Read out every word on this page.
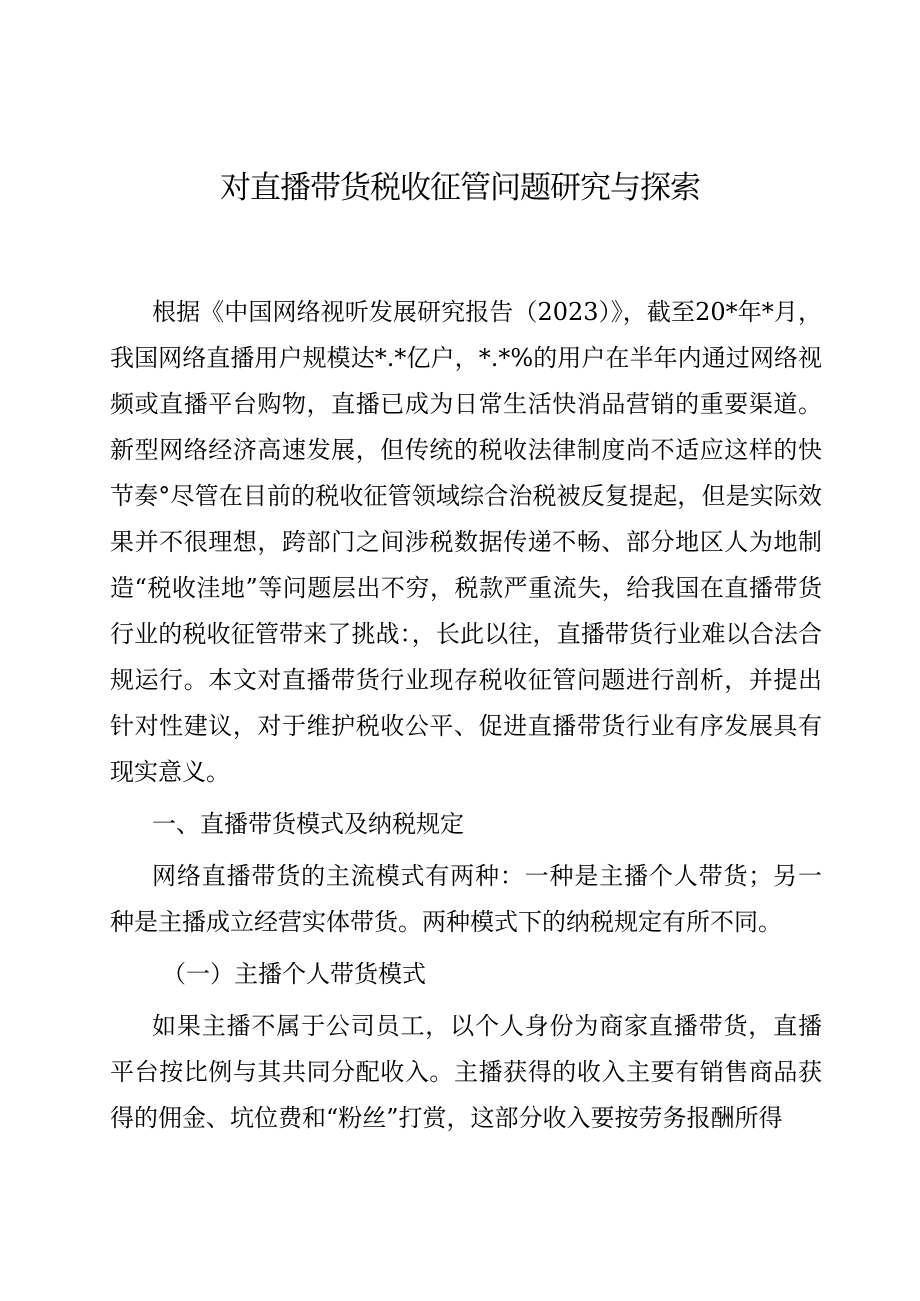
对直播带货税收征管问题研究与探索

根据《中国网络视听发展研究报告（2023）》，截至20*年*月，我国网络直播用户规模达*.*亿户，*.*%的用户在半年内通过网络视频或直播平台购物，直播已成为日常生活快消品营销的重要渠道。新型网络经济高速发展，但传统的税收法律制度尚不适应这样的快节奏°尽管在目前的税收征管领域综合治税被反复提起，但是实际效果并不很理想，跨部门之间涉税数据传递不畅、部分地区人为地制造“税收洼地”等问题层出不穷，税款严重流失，给我国在直播带货行业的税收征管带来了挑战：，长此以往，直播带货行业难以合法合规运行。本文对直播带货行业现存税收征管问题进行剖析，并提出针对性建议，对于维护税收公平、促进直播带货行业有序发展具有现实意义。

一、直播带货模式及纳税规定

网络直播带货的主流模式有两种：一种是主播个人带货；另一种是主播成立经营实体带货。两种模式下的纳税规定有所不同。

（一）主播个人带货模式

如果主播不属于公司员工，以个人身份为商家直播带货，直播平台按比例与其共同分配收入。主播获得的收入主要有销售商品获得的佣金、坑位费和“粉丝”打赏，这部分收入要按劳务报酬所得
